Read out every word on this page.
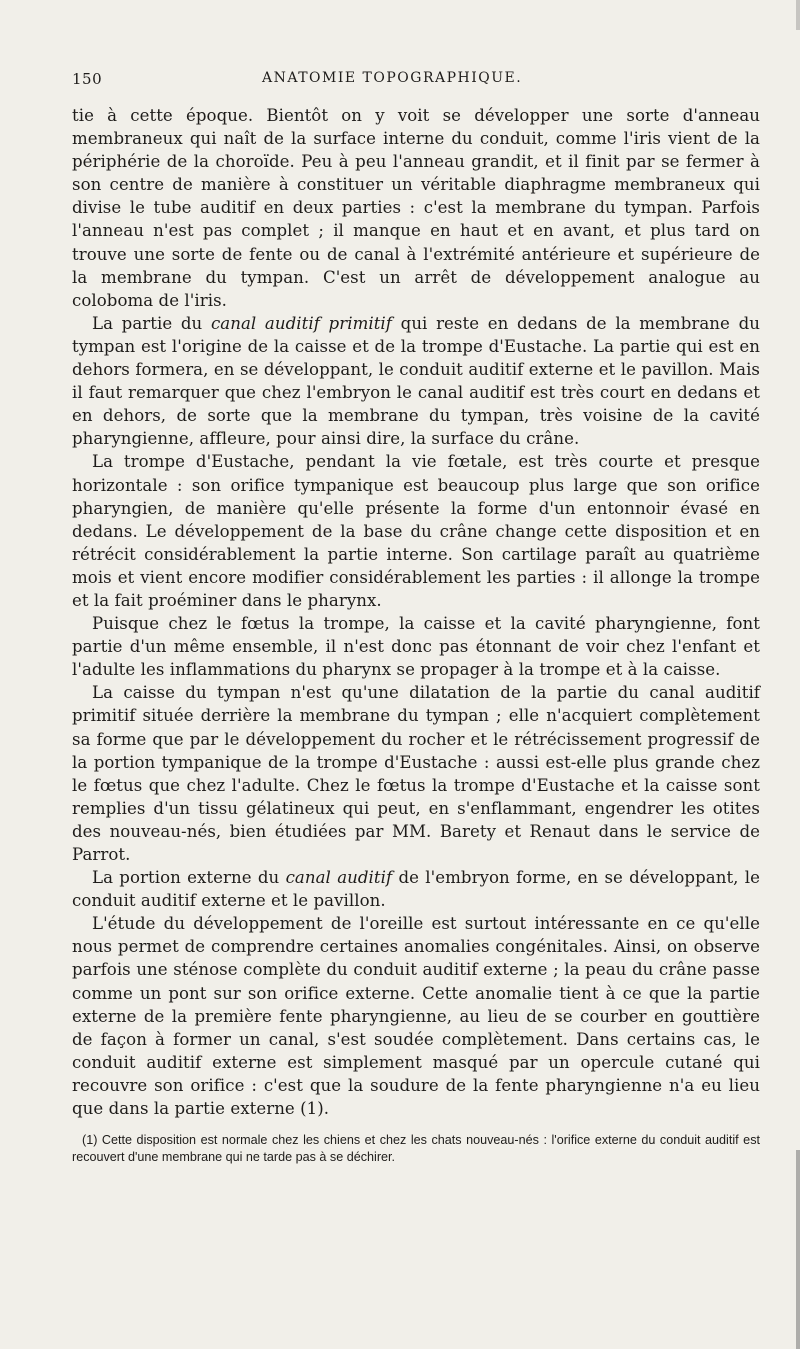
150	ANATOMIE TOPOGRAPHIQUE.

tie à cette époque. Bientôt on y voit se développer une sorte d'anneau membraneux qui naît de la surface interne du conduit, comme l'iris vient de la périphérie de la choroïde. Peu à peu l'anneau grandit, et il finit par se fermer à son centre de manière à constituer un véritable diaphragme membraneux qui divise le tube auditif en deux parties : c'est la membrane du tympan. Parfois l'anneau n'est pas complet ; il manque en haut et en avant, et plus tard on trouve une sorte de fente ou de canal à l'extrémité antérieure et supérieure de la membrane du tympan. C'est un arrêt de développement analogue au coloboma de l'iris.

La partie du canal auditif primitif qui reste en dedans de la membrane du tympan est l'origine de la caisse et de la trompe d'Eustache. La partie qui est en dehors formera, en se développant, le conduit auditif externe et le pavillon. Mais il faut remarquer que chez l'embryon le canal auditif est très court en dedans et en dehors, de sorte que la membrane du tympan, très voisine de la cavité pharyngienne, affleure, pour ainsi dire, la surface du crâne.

La trompe d'Eustache, pendant la vie fœtale, est très courte et presque horizontale : son orifice tympanique est beaucoup plus large que son orifice pharyngien, de manière qu'elle présente la forme d'un entonnoir évasé en dedans. Le développement de la base du crâne change cette disposition et en rétrécit considérablement la partie interne. Son cartilage paraît au quatrième mois et vient encore modifier considérablement les parties : il allonge la trompe et la fait proéminer dans le pharynx.

Puisque chez le fœtus la trompe, la caisse et la cavité pharyngienne, font partie d'un même ensemble, il n'est donc pas étonnant de voir chez l'enfant et l'adulte les inflammations du pharynx se propager à la trompe et à la caisse.

La caisse du tympan n'est qu'une dilatation de la partie du canal auditif primitif située derrière la membrane du tympan ; elle n'acquiert complètement sa forme que par le développement du rocher et le rétrécissement progressif de la portion tympanique de la trompe d'Eustache : aussi est-elle plus grande chez le fœtus que chez l'adulte. Chez le fœtus la trompe d'Eustache et la caisse sont remplies d'un tissu gélatineux qui peut, en s'enflammant, engendrer les otites des nouveau-nés, bien étudiées par MM. Barety et Renaut dans le service de Parrot.

La portion externe du canal auditif de l'embryon forme, en se développant, le conduit auditif externe et le pavillon.

L'étude du développement de l'oreille est surtout intéressante en ce qu'elle nous permet de comprendre certaines anomalies congénitales. Ainsi, on observe parfois une sténose complète du conduit auditif externe ; la peau du crâne passe comme un pont sur son orifice externe. Cette anomalie tient à ce que la partie externe de la première fente pharyngienne, au lieu de se courber en gouttière de façon à former un canal, s'est soudée complètement. Dans certains cas, le conduit auditif externe est simplement masqué par un opercule cutané qui recouvre son orifice : c'est que la soudure de la fente pharyngienne n'a eu lieu que dans la partie externe (1).

(1) Cette disposition est normale chez les chiens et chez les chats nouveau-nés : l'orifice externe du conduit auditif est recouvert d'une membrane qui ne tarde pas à se déchirer.
